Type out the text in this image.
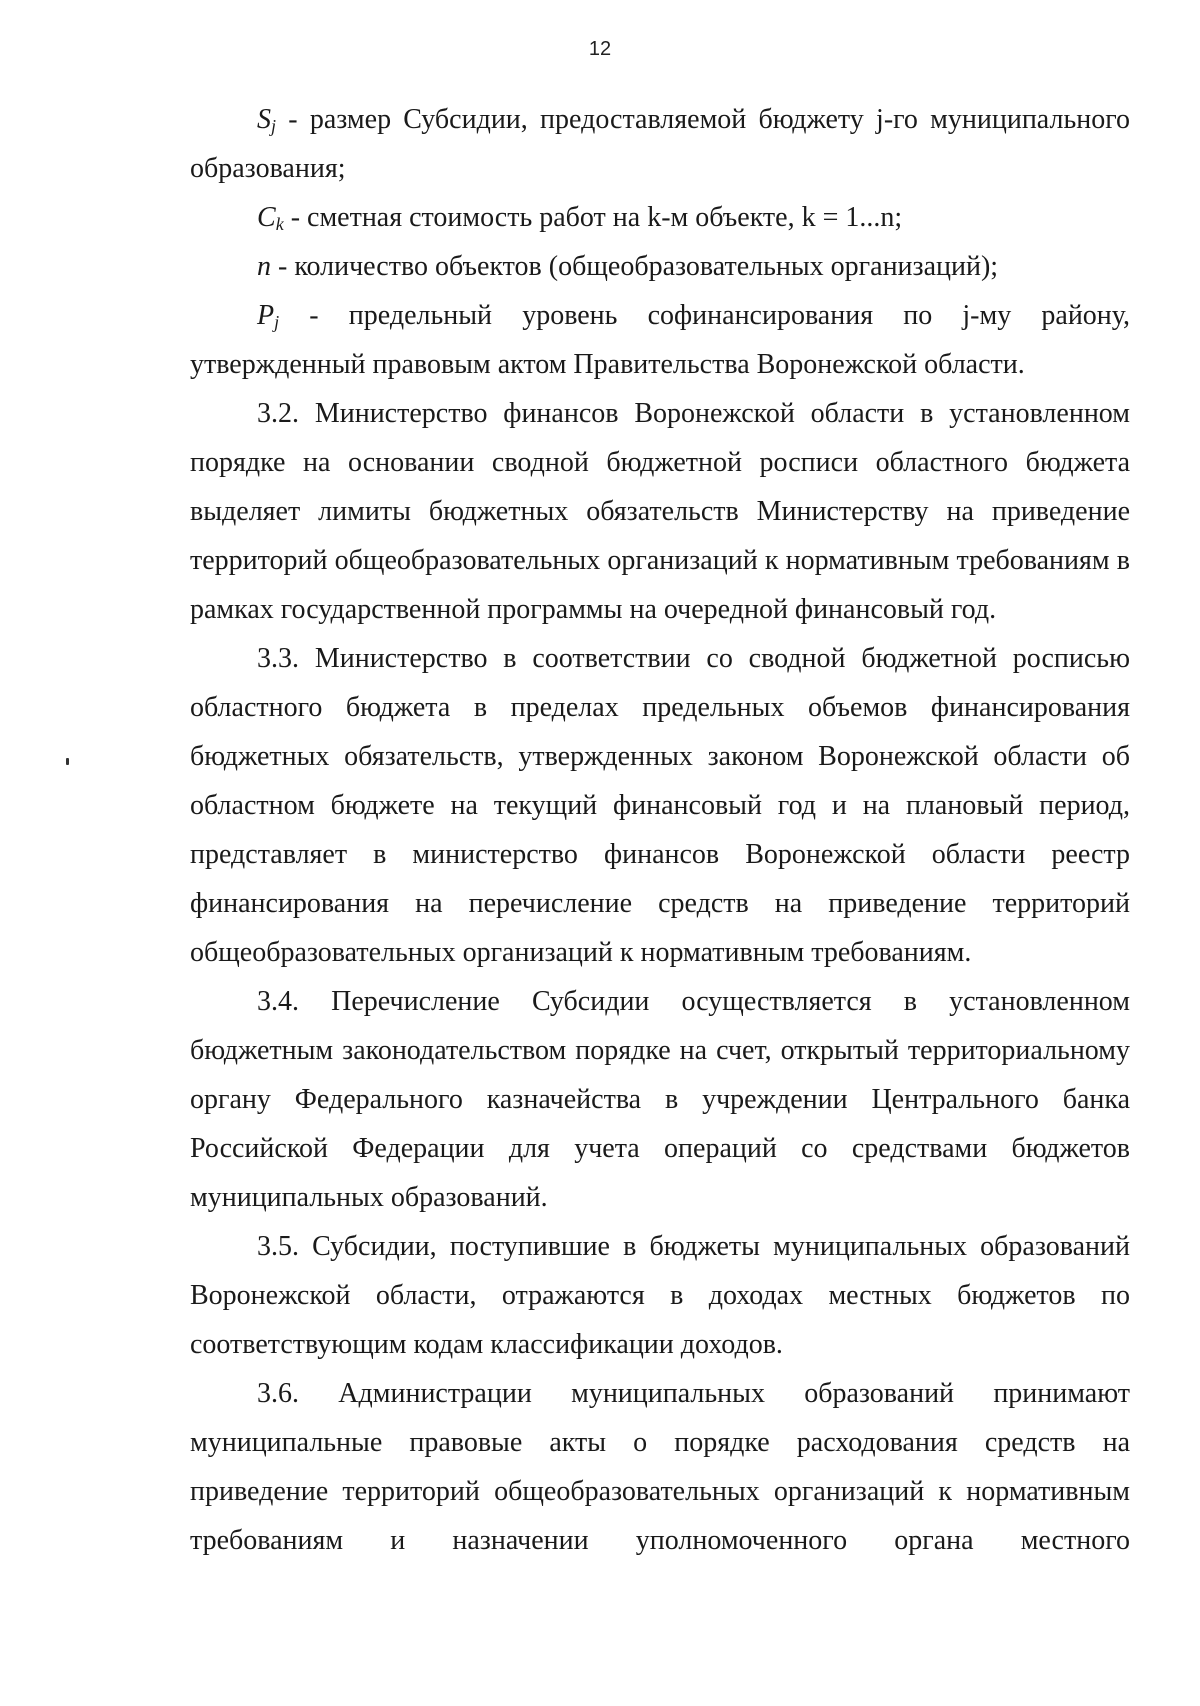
12

$S_j$ - размер Субсидии, предоставляемой бюджету j-го муниципального образования;

$C_k$ - сметная стоимость работ на k-м объекте, k = 1...n;

n - количество объектов (общеобразовательных организаций);

$P_j$ - предельный уровень софинансирования по j-му району, утвержденный правовым актом Правительства Воронежской области.

3.2. Министерство финансов Воронежской области в установленном порядке на основании сводной бюджетной росписи областного бюджета выделяет лимиты бюджетных обязательств Министерству на приведение территорий общеобразовательных организаций к нормативным требованиям в рамках государственной программы на очередной финансовый год.

3.3. Министерство в соответствии со сводной бюджетной росписью областного бюджета в пределах предельных объемов финансирования бюджетных обязательств, утвержденных законом Воронежской области об областном бюджете на текущий финансовый год и на плановый период, представляет в министерство финансов Воронежской области реестр финансирования на перечисление средств на приведение территорий общеобразовательных организаций к нормативным требованиям.

3.4. Перечисление Субсидии осуществляется в установленном бюджетным законодательством порядке на счет, открытый территориальному органу Федерального казначейства в учреждении Центрального банка Российской Федерации для учета операций со средствами бюджетов муниципальных образований.

3.5. Субсидии, поступившие в бюджеты муниципальных образований Воронежской области, отражаются в доходах местных бюджетов по соответствующим кодам классификации доходов.

3.6. Администрации муниципальных образований принимают муниципальные правовые акты о порядке расходования средств на приведение территорий общеобразовательных организаций к нормативным требованиям и назначении уполномоченного органа местного
